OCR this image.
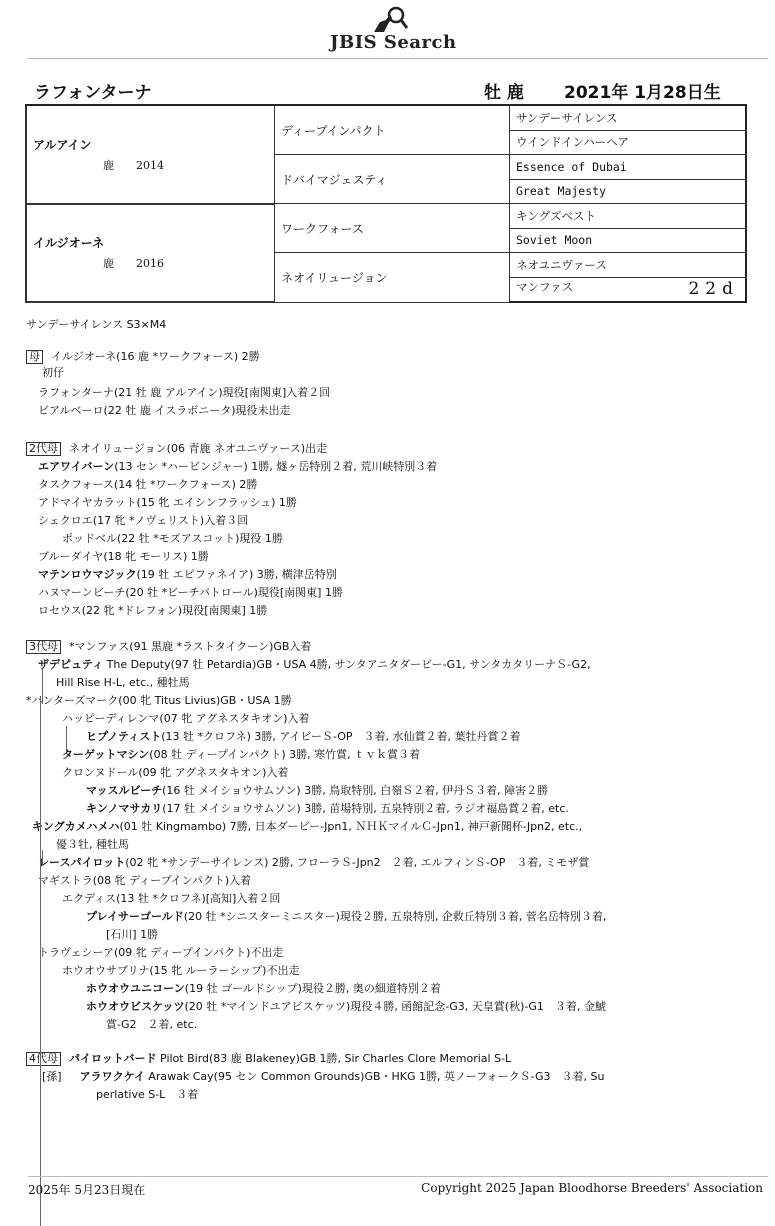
JBIS Search
ラフォンターナ	牡 鹿 2021年 1月28日生
アルアイン
鹿　　2014	ディープインパクト	サンデーサイレンス
		ウインドインハーヘア
	ドバイマジェスティ	Essence of Dubai
		Great Majesty
イルジオーネ
鹿　　2016	ワークフォース	キングズベスト
		Soviet Moon
	ネオイリュージョン	ネオユニヴァース
		マンファス 22d
サンデーサイレンス S3×M4
母 イルジオーネ(16 鹿 *ワークフォース) 2勝
初仔
ラフォンターナ(21 牡 鹿 アルアイン)現役[南関東]入着２回
ビアルベーロ(22 牡 鹿 イスラボニータ)現役未出走
2代母 ネオイリュージョン(06 青鹿 ネオユニヴァース)出走
エアワイバーン(13 セン *ハービンジャー) 1勝, 燧ヶ岳特別２着, 荒川峡特別３着
タスクフォース(14 牡 *ワークフォース) 2勝
アドマイヤカラット(15 牝 エイシンフラッシュ) 1勝
シェクロエ(17 牝 *ノヴェリスト)入着３回
ポッドベル(22 牡 *モズアスコット)現役 1勝
ブルーダイヤ(18 牝 モーリス) 1勝
マテンロウマジック(19 牡 エピファネイア) 3勝, 横津岳特別
ハヌマーンビーチ(20 牡 *ビーチパトロール)現役[南関東] 1勝
ロセウス(22 牝 *ドレフォン)現役[南関東] 1勝
3代母 *マンファス(91 黒鹿 *ラストタイクーン)GB入着
ザデピュティ The Deputy(97 牡 Petardia)GB・USA 4勝, サンタアニタダービー-G1, サンタカタリーナＳ-G2,
Hill Rise H-L, etc., 種牡馬
*ハンターズマーク(00 牝 Titus Livius)GB・USA 1勝
ハッピーディレンマ(07 牝 アグネスタキオン)入着
ヒプノティスト(13 牡 *クロフネ) 3勝, アイビーＳ-OP　３着, 水仙賞２着, 葉牡丹賞２着
ターゲットマシン(08 牡 ディープインパクト) 3勝, 寒竹賞, ｔｖｋ賞３着
クロンヌドール(09 牝 アグネスタキオン)入着
マッスルビーチ(16 牡 メイショウサムソン) 3勝, 鳥取特別, 白嶺Ｓ２着, 伊丹Ｓ３着, 障害２勝
キンノマサカリ(17 牡 メイショウサムソン) 3勝, 苗場特別, 五泉特別２着, ラジオ福島賞２着, etc.
キングカメハメハ(01 牡 Kingmambo) 7勝, 日本ダービー-Jpn1, ＮＨＫマイルＣ-Jpn1, 神戸新聞杯-Jpn2, etc.,
優３牡, 種牡馬
レースパイロット(02 牝 *サンデーサイレンス) 2勝, フローラＳ-Jpn2　２着, エルフィンＳ-OP　３着, ミモザ賞
マギストラ(08 牝 ディープインパクト)入着
エクディス(13 牡 *クロフネ)[高知]入着２回
プレイサーゴールド(20 牡 *シニスターミニスター)現役２勝, 五泉特別, 企救丘特別３着, 菅名岳特別３着,
[石川] 1勝
トラヴェシーア(09 牝 ディープインパクト)不出走
ホウオウサブリナ(15 牝 ルーラーシップ)不出走
ホウオウユニコーン(19 牡 ゴールドシップ)現役２勝, 奥の細道特別２着
ホウオウビスケッツ(20 牡 *マインドユアビスケッツ)現役４勝, 函館記念-G3, 天皇賞(秋)-G1　３着, 金鯱
賞-G2　２着, etc.
4代母 パイロットバード Pilot Bird(83 鹿 Blakeney)GB 1勝, Sir Charles Clore Memorial S-L
[孫] アラワクケイ Arawak Cay(95 セン Common Grounds)GB・HKG 1勝, 英ノーフォークＳ-G3　３着, Su
perlative S-L　３着
2025年 5月23日現在	Copyright 2025 Japan Bloodhorse Breeders' Association
